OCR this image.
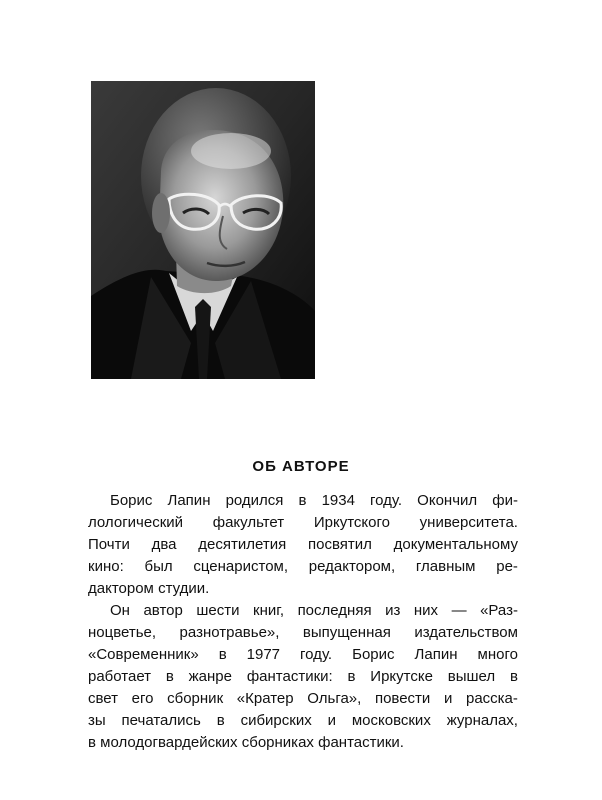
ОБ АВТОРЕ
Борис Лапин родился в 1934 году. Окончил фи-
лологический факультет Иркутского университета.
Почти два десятилетия посвятил документальному
кино: был сценаристом, редактором, главным ре-
дактором студии.
Он автор шести книг, последняя из них — «Раз-
ноцветье, разнотравье», выпущенная издательством
«Современник» в 1977 году. Борис Лапин много
работает в жанре фантастики: в Иркутске вышел в
свет его сборник «Кратер Ольга», повести и расска-
зы печатались в сибирских и московских журналах,
в молодогвардейских сборниках фантастики.
